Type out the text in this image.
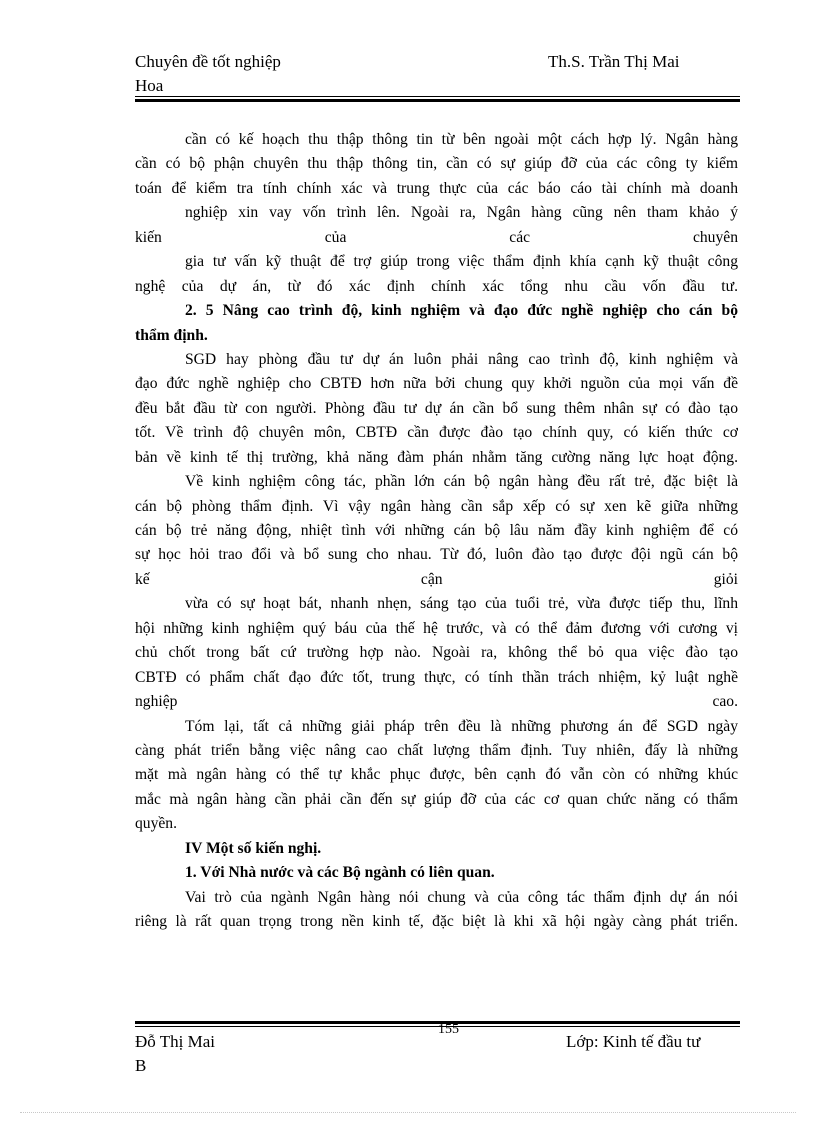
Chuyên đề tốt nghiệp
Hoa
Th.S. Trần Thị Mai
cần có kế hoạch thu thập thông tin từ bên ngoài một cách hợp lý. Ngân hàng
cần có bộ phận chuyên thu thập thông tin, cần có sự giúp đỡ của các công ty kiểm
toán để kiểm tra tính chính xác và trung thực của các báo cáo tài chính mà doanh
nghiệp xin vay vốn trình lên. Ngoài ra, Ngân hàng cũng nên tham khảo ý
kiến của các chuyên
gia tư vấn kỹ thuật để trợ giúp trong việc thẩm định khía cạnh kỹ thuật công
nghệ của dự án, từ đó xác định chính xác tổng nhu cầu vốn đầu tư.
2. 5 Nâng cao trình độ, kinh nghiệm và đạo đức nghề nghiệp cho cán bộ
thẩm định.
SGD hay phòng đầu tư dự án luôn phải nâng cao trình độ, kinh nghiệm và
đạo đức nghề nghiệp cho CBTĐ hơn nữa bởi chung quy khởi nguồn của mọi vấn đề
đều bắt đầu từ con người. Phòng đầu tư dự án cần bổ sung thêm nhân sự có đào tạo
tốt. Về trình độ chuyên môn, CBTĐ cần được đào tạo chính quy, có kiến thức cơ
bản về kinh tế thị trường, khả năng đàm phán nhằm tăng cường năng lực hoạt động.
Về kinh nghiệm công tác, phần lớn cán bộ ngân hàng đều rất trẻ, đặc biệt là
cán bộ phòng thẩm định. Vì vậy ngân hàng cần sắp xếp có sự xen kẽ giữa những
cán bộ trẻ năng động, nhiệt tình với những cán bộ lâu năm đầy kinh nghiệm để có
sự học hỏi trao đổi và bổ sung cho nhau. Từ đó, luôn đào tạo được đội ngũ cán bộ
kế cận giỏi
vừa có sự hoạt bát, nhanh nhẹn, sáng tạo của tuổi trẻ, vừa được tiếp thu, lĩnh
hội những kinh nghiệm quý báu của thế hệ trước, và có thể đảm đương với cương vị
chủ chốt trong bất cứ trường hợp nào. Ngoài ra, không thể bỏ qua việc đào tạo
CBTĐ có phẩm chất đạo đức tốt, trung thực, có tính thần trách nhiệm, kỷ luật nghề
nghiệp cao.
Tóm lại, tất cả những giải pháp trên đều là những phương án để SGD ngày
càng phát triển bằng việc nâng cao chất lượng thẩm định. Tuy nhiên, đấy là những
mặt mà ngân hàng có thể tự khắc phục được, bên cạnh đó vẫn còn có những khúc
mắc mà ngân hàng cần phải cần đến sự giúp đỡ của các cơ quan chức năng có thẩm
quyền.
IV Một số kiến nghị.
1. Với Nhà nước và các Bộ ngành có liên quan.
Vai trò của ngành Ngân hàng nói chung và của công tác thẩm định dự án nói
riêng là rất quan trọng trong nền kinh tế, đặc biệt là khi xã hội ngày càng phát triển.
155
Đỗ Thị Mai
B
Lớp: Kinh tế đầu tư
